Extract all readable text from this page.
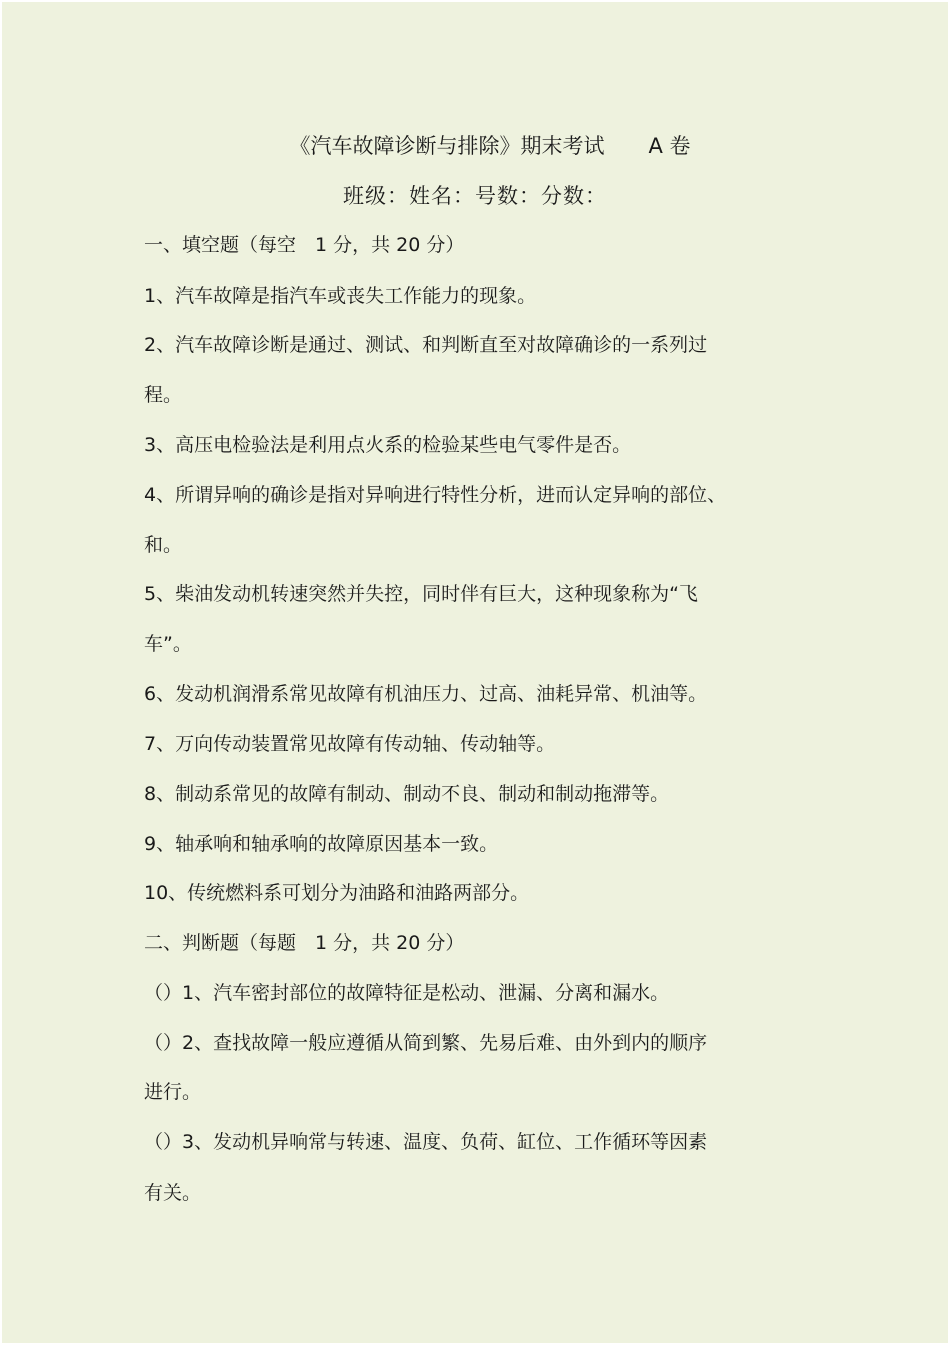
《汽车故障诊断与排除》期末考试 A 卷
班级：姓名：号数：分数：
一、填空题（每空　1 分，共 20 分）
1、汽车故障是指汽车或丧失工作能力的现象。
2、汽车故障诊断是通过、测试、和判断直至对故障确诊的一系列过
程。
3、高压电检验法是利用点火系的检验某些电气零件是否。
4、所谓异响的确诊是指对异响进行特性分析，进而认定异响的部位、
和。
5、柴油发动机转速突然并失控，同时伴有巨大，这种现象称为“飞
车”。
6、发动机润滑系常见故障有机油压力、过高、油耗异常、机油等。
7、万向传动装置常见故障有传动轴、传动轴等。
8、制动系常见的故障有制动、制动不良、制动和制动拖滞等。
9、轴承响和轴承响的故障原因基本一致。
10、传统燃料系可划分为油路和油路两部分。
二、判断题（每题　1 分，共 20 分）
（）1、汽车密封部位的故障特征是松动、泄漏、分离和漏水。
（）2、查找故障一般应遵循从简到繁、先易后难、由外到内的顺序
进行。
（）3、发动机异响常与转速、温度、负荷、缸位、工作循环等因素
有关。
